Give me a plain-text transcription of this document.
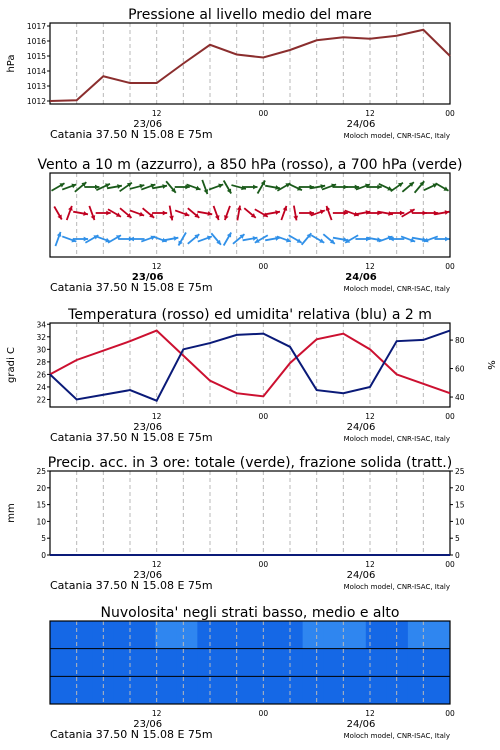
Pressione al livello medio del mare
1012
1013
1014
1015
1016
1017
hPa
12	00	12	00
23/06	24/06
Catania 37.50 N 15.08 E 75m	Moloch model, CNR-ISAC, Italy
Vento a 10 m (azzurro), a 850 hPa (rosso), a 700 hPa (verde)
12	00	12	00
23/06	24/06
Catania 37.50 N 15.08 E 75m	Moloch model, CNR-ISAC, Italy
Temperatura (rosso) ed umidita' relativa (blu) a 2 m
22
24
26
28
30
32
34
gradi C
40
60
80
%
12	00	12	00
23/06	24/06
Catania 37.50 N 15.08 E 75m	Moloch model, CNR-ISAC, Italy
Precip. acc. in 3 ore: totale (verde), frazione solida (tratt.)
0	0
5	5
10	10
15	15
20	20
25	25
mm
12	00	12	00
23/06	24/06
Catania 37.50 N 15.08 E 75m	Moloch model, CNR-ISAC, Italy
Nuvolosita' negli strati basso, medio e alto
12	00	12	00
23/06	24/06
Catania 37.50 N 15.08 E 75m	Moloch model, CNR-ISAC, Italy
